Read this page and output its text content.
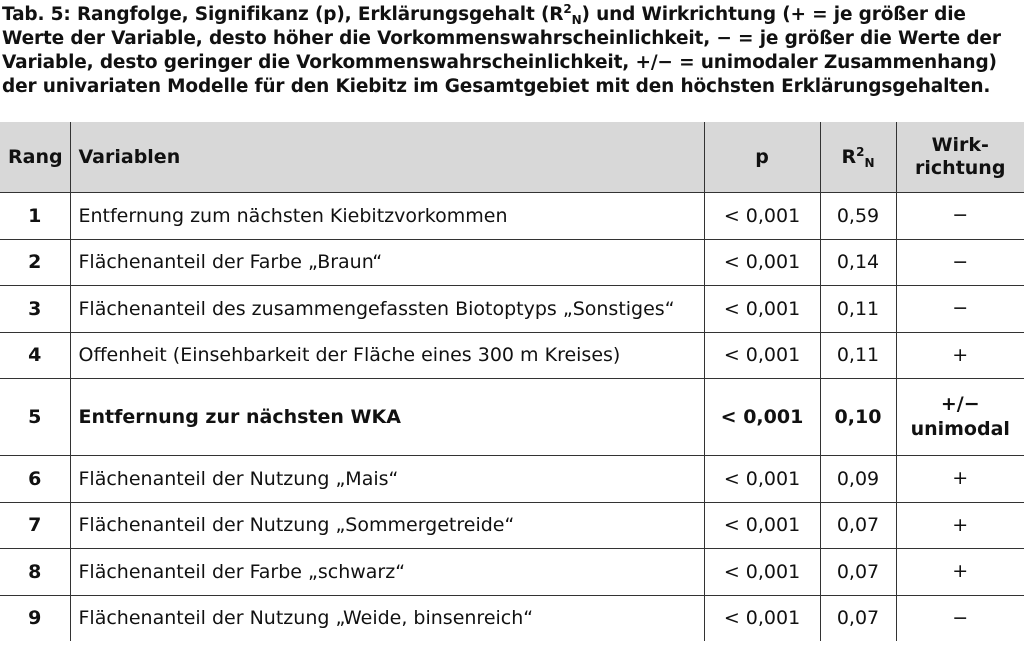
Tab. 5: Rangfolge, Signifikanz (p), Erklärungsgehalt $(R^2_N)$ und Wirkrichtung (+ = je größer die Werte der Variable, desto höher die Vorkommenswahrscheinlichkeit, − = je größer die Werte der Variable, desto geringer die Vorkommenswahrscheinlichkeit, +/− = unimodaler Zusammenhang) der univariaten Modelle für den Kiebitz im Gesamtgebiet mit den höchsten Erklärungsgehalten.
Rang	Variablen	p	$R^2_N$	Wirk-
richtung
1	Entfernung zum nächsten Kiebitzvorkommen	< 0,001	0,59	−
2	Flächenanteil der Farbe „Braun“	< 0,001	0,14	−
3	Flächenanteil des zusammengefassten Biotoptyps „Sonstiges“	< 0,001	0,11	−
4	Offenheit (Einsehbarkeit der Fläche eines 300 m Kreises)	< 0,001	0,11	+
5	Entfernung zur nächsten WKA	< 0,001	0,10	+/−
unimodal
6	Flächenanteil der Nutzung „Mais“	< 0,001	0,09	+
7	Flächenanteil der Nutzung „Sommergetreide“	< 0,001	0,07	+
8	Flächenanteil der Farbe „schwarz“	< 0,001	0,07	+
9	Flächenanteil der Nutzung „Weide, binsenreich“	< 0,001	0,07	−
